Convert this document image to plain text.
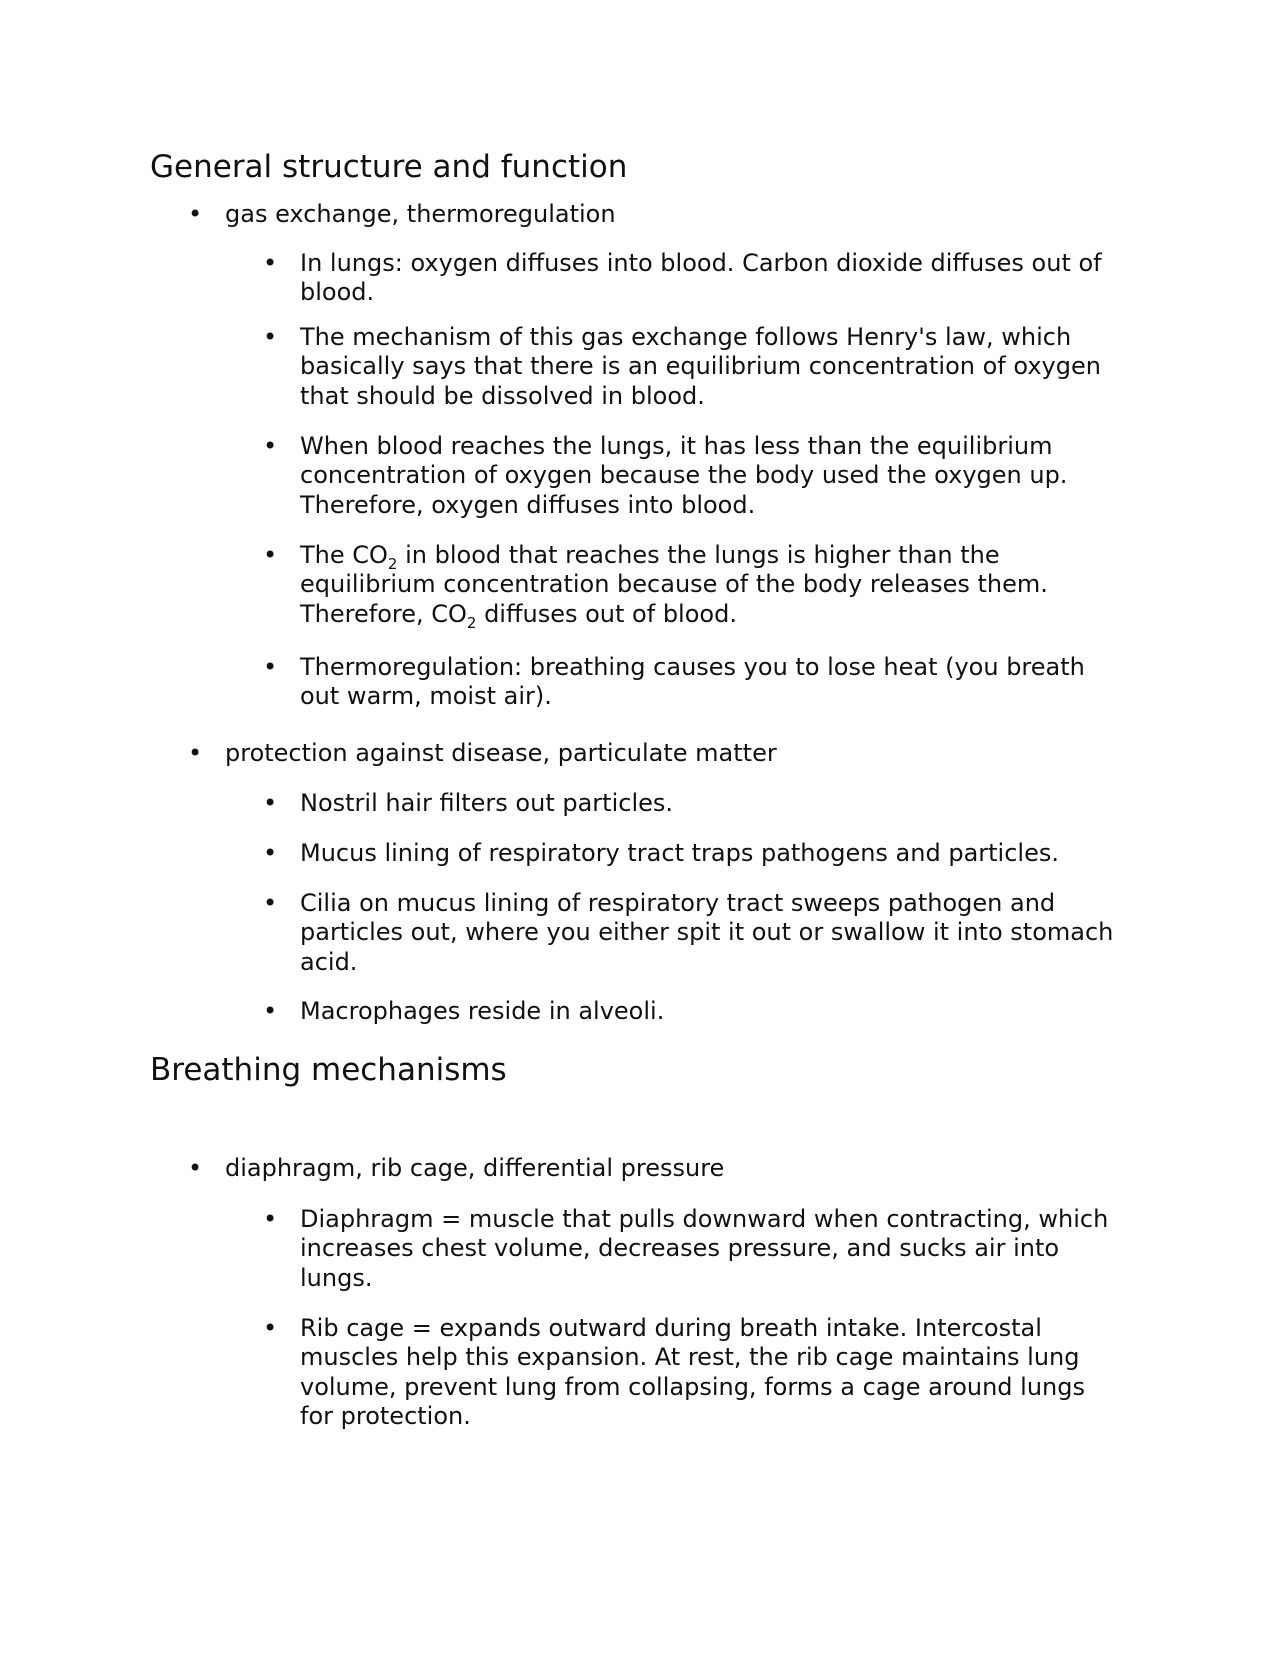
General structure and function
• gas exchange, thermoregulation
• In lungs: oxygen diffuses into blood. Carbon dioxide diffuses out of blood.
• The mechanism of this gas exchange follows Henry's law, which basically says that there is an equilibrium concentration of oxygen that should be dissolved in blood.
• When blood reaches the lungs, it has less than the equilibrium concentration of oxygen because the body used the oxygen up. Therefore, oxygen diffuses into blood.
• The $CO_2$ in blood that reaches the lungs is higher than the equilibrium concentration because of the body releases them. Therefore, $CO_2$ diffuses out of blood.
• Thermoregulation: breathing causes you to lose heat (you breath out warm, moist air).
• protection against disease, particulate matter
• Nostril hair filters out particles.
• Mucus lining of respiratory tract traps pathogens and particles.
• Cilia on mucus lining of respiratory tract sweeps pathogen and particles out, where you either spit it out or swallow it into stomach acid.
• Macrophages reside in alveoli.
Breathing mechanisms
• diaphragm, rib cage, differential pressure
• Diaphragm = muscle that pulls downward when contracting, which increases chest volume, decreases pressure, and sucks air into lungs.
• Rib cage = expands outward during breath intake. Intercostal muscles help this expansion. At rest, the rib cage maintains lung volume, prevent lung from collapsing, forms a cage around lungs for protection.
